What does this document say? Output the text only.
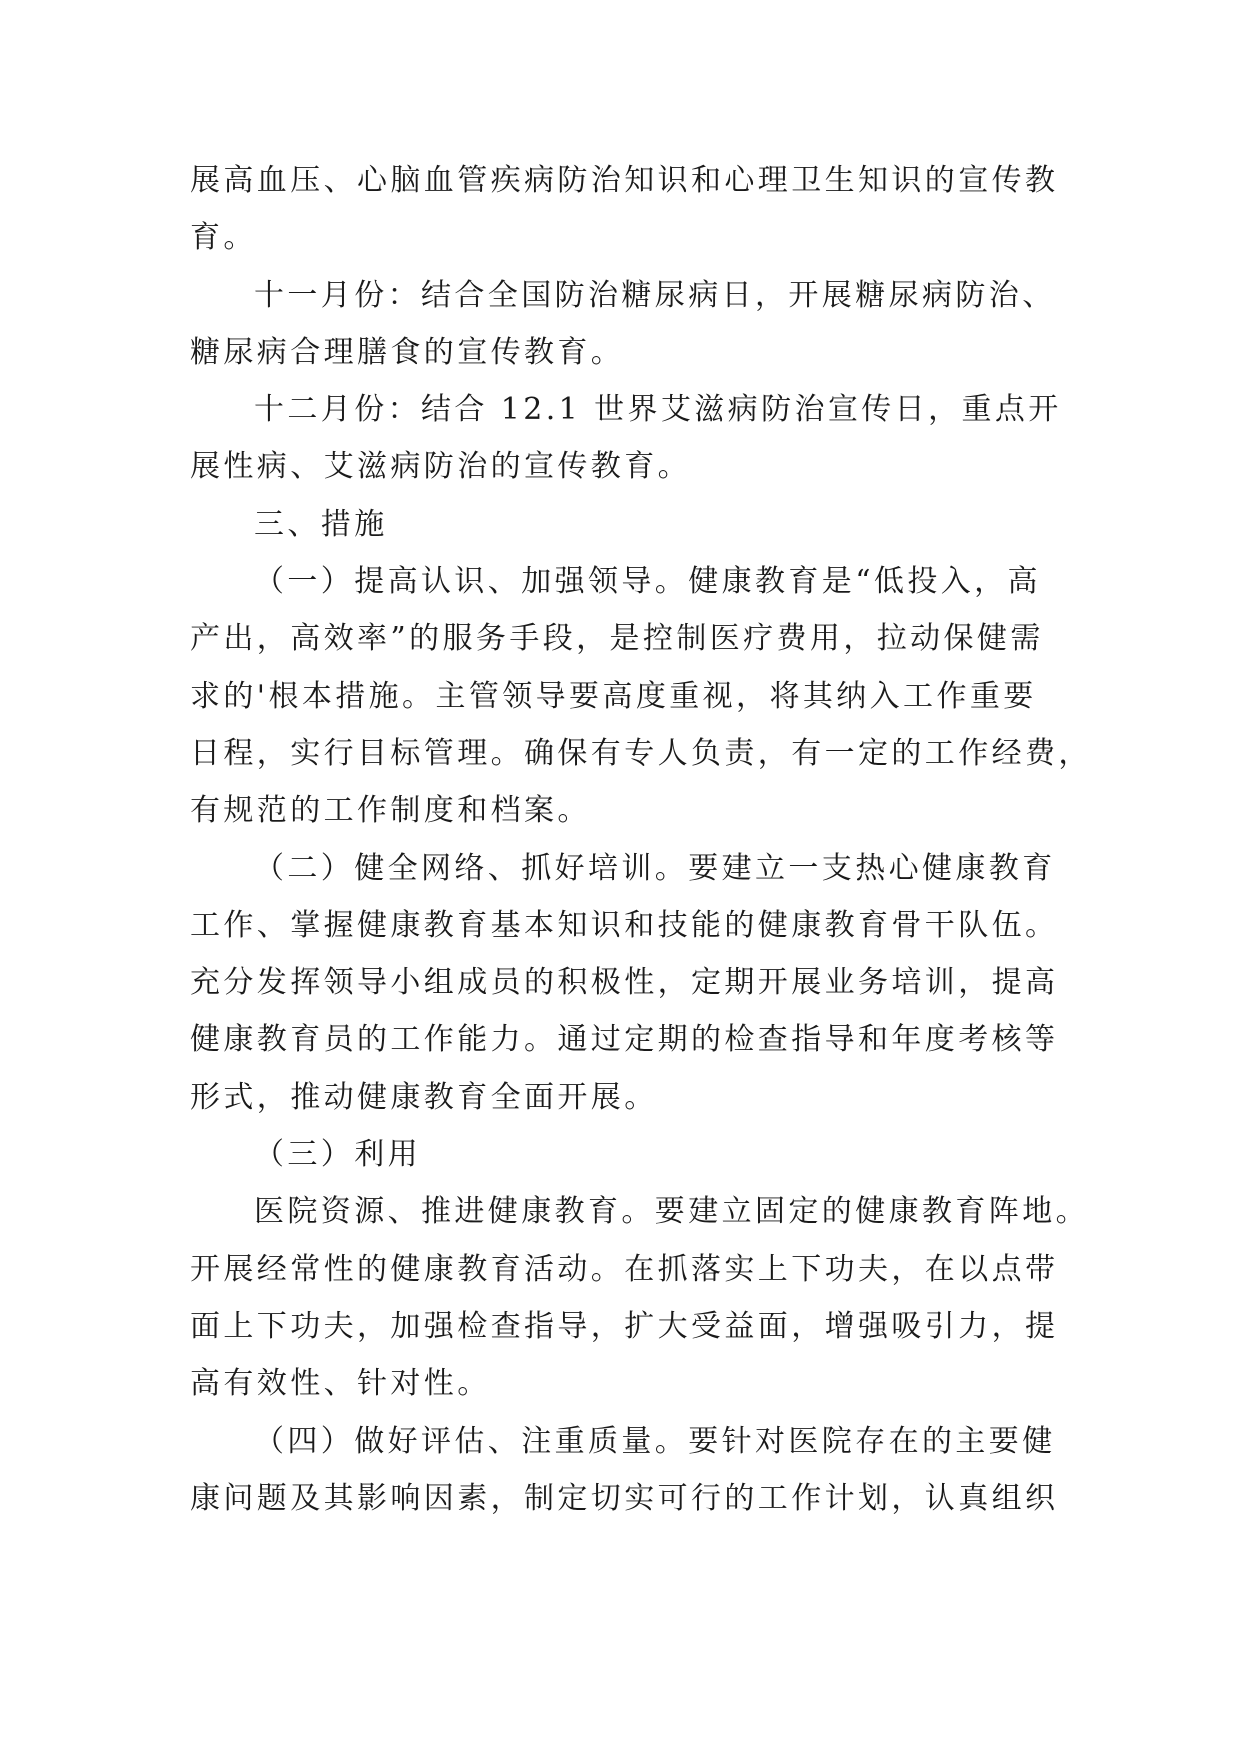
展高血压、心脑血管疾病防治知识和心理卫生知识的宣传教
育。
十一月份：结合全国防治糖尿病日，开展糖尿病防治、
糖尿病合理膳食的宣传教育。
十二月份：结合 12.1 世界艾滋病防治宣传日，重点开
展性病、艾滋病防治的宣传教育。
三、措施
（一）提高认识、加强领导。健康教育是“低投入，高
产出，高效率”的服务手段，是控制医疗费用，拉动保健需
求的'根本措施。主管领导要高度重视，将其纳入工作重要
日程，实行目标管理。确保有专人负责，有一定的工作经费，
有规范的工作制度和档案。
（二）健全网络、抓好培训。要建立一支热心健康教育
工作、掌握健康教育基本知识和技能的健康教育骨干队伍。
充分发挥领导小组成员的积极性，定期开展业务培训，提高
健康教育员的工作能力。通过定期的检查指导和年度考核等
形式，推动健康教育全面开展。
（三）利用
医院资源、推进健康教育。要建立固定的健康教育阵地。
开展经常性的健康教育活动。在抓落实上下功夫，在以点带
面上下功夫，加强检查指导，扩大受益面，增强吸引力，提
高有效性、针对性。
（四）做好评估、注重质量。要针对医院存在的主要健
康问题及其影响因素，制定切实可行的工作计划，认真组织
